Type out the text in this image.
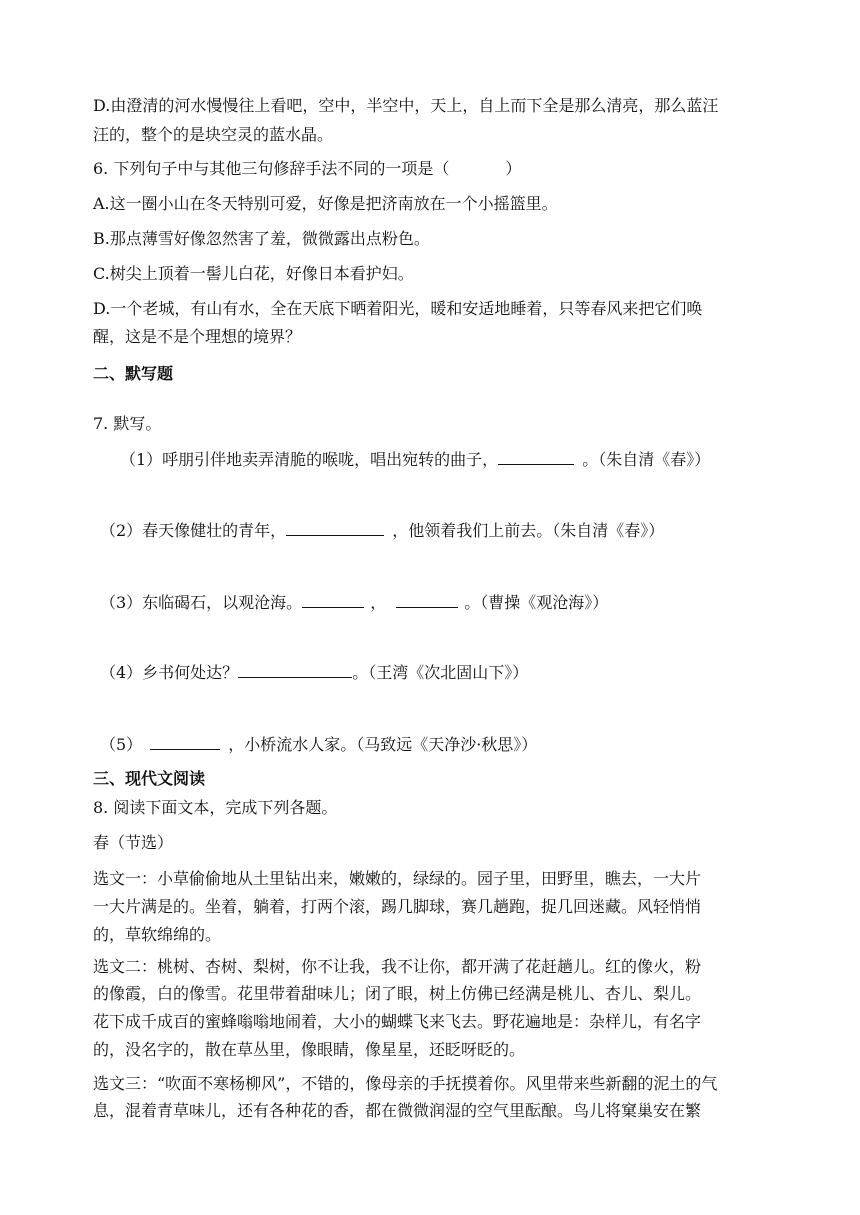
D.由澄清的河水慢慢往上看吧，空中，半空中，天上，自上而下全是那么清亮，那么蓝汪
汪的，整个的是块空灵的蓝水晶。
6. 下列句子中与其他三句修辞手法不同的一项是（	）
A.这一圈小山在冬天特别可爱，好像是把济南放在一个小摇篮里。
B.那点薄雪好像忽然害了羞，微微露出点粉色。
C.树尖上顶着一髻儿白花，好像日本看护妇。
D.一个老城，有山有水，全在天底下晒着阳光，暖和安适地睡着，只等春风来把它们唤
醒，这是不是个理想的境界？
二、默写题
7. 默写。
（1）呼朋引伴地卖弄清脆的喉咙，唱出宛转的曲子，	。（朱自清《春》）
（2）春天像健壮的青年，	，他领着我们上前去。（朱自清《春》）
（3）东临碣石，以观沧海。	，	。（曹操《观沧海》）
（4）乡书何处达？	。（王湾《次北固山下》）
（5）	，小桥流水人家。（马致远《天净沙·秋思》）
三、现代文阅读
8. 阅读下面文本，完成下列各题。
春（节选）
选文一：小草偷偷地从土里钻出来，嫩嫩的，绿绿的。园子里，田野里，瞧去，一大片
一大片满是的。坐着，躺着，打两个滚，踢几脚球，赛几趟跑，捉几回迷藏。风轻悄悄
的，草软绵绵的。
选文二：桃树、杏树、梨树，你不让我，我不让你，都开满了花赶趟儿。红的像火，粉
的像霞，白的像雪。花里带着甜味儿；闭了眼，树上仿佛已经满是桃儿、杏儿、梨儿。
花下成千成百的蜜蜂嗡嗡地闹着，大小的蝴蝶飞来飞去。野花遍地是：杂样儿，有名字
的，没名字的，散在草丛里，像眼睛，像星星，还眨呀眨的。
选文三：“吹面不寒杨柳风”，不错的，像母亲的手抚摸着你。风里带来些新翻的泥土的气
息，混着青草味儿，还有各种花的香，都在微微润湿的空气里酝酿。鸟儿将窠巢安在繁
